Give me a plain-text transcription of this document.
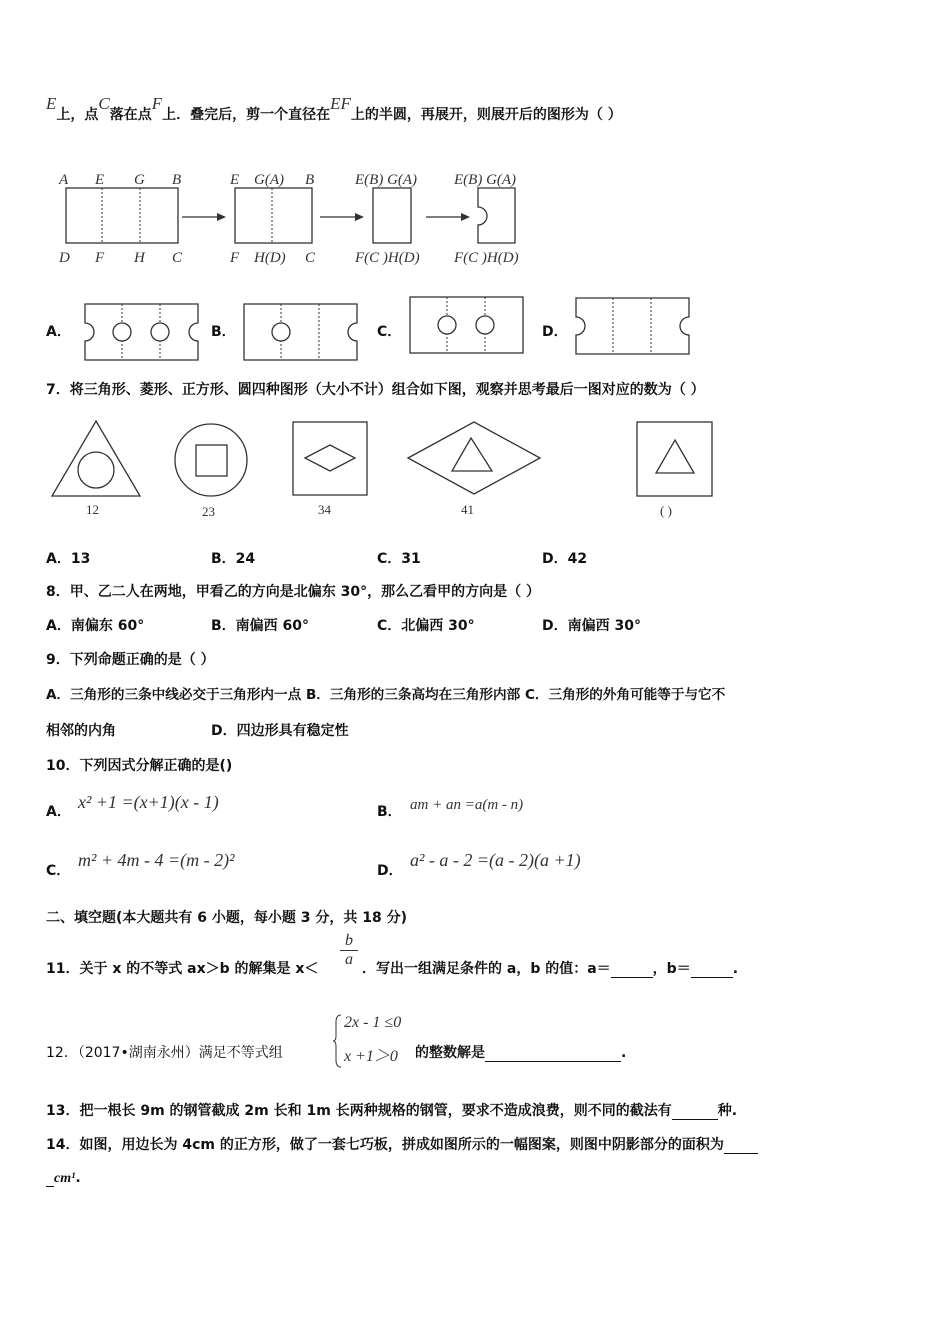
E上，点C落在点F上．叠完后，剪一个直径在EF上的半圆，再展开，则展开后的图形为（ ）
A E G B
D F H C
E G(A) B
F H(D) C
E(B) G(A)
F(C )H(D)
E(B) G(A)
F(C )H(D)
A．	B．	C．	D．
7．将三角形、菱形、正方形、圆四种图形（大小不计）组合如下图，观察并思考最后一图对应的数为（ ）
12	23	34	41	( )
A．13	B．24	C．31	D．42
8．甲、乙二人在两地，甲看乙的方向是北偏东 30°，那么乙看甲的方向是（ ）
A．南偏东 60°	B．南偏西 60°	C．北偏西 30°	D．南偏西 30°
9．下列命题正确的是（ ）
A．三角形的三条中线必交于三角形内一点 B．三角形的三条高均在三角形内部 C．三角形的外角可能等于与它不
相邻的内角	D．四边形具有稳定性
10．下列因式分解正确的是()
A． x² +1 =(x+1)(x - 1)	B． am + an =a(m - n)
C．
m² + 4m - 4 =(m - 2)²
D．
a² - a - 2 =(a - 2)(a +1)
二、填空题(本大题共有 6 小题，每小题 3 分，共 18 分)
11．关于 x 的不等式 ax＞b 的解集是 $x< \frac{b}{a}$ ．写出一组满足条件的 a，b 的值：a＝	，b＝	.
12．（2017•湖南永州）满足不等式组
2x - 1 ≤0
x +1＞0 的整数解是	.
13．把一根长 9m 的钢管截成 2m 长和 1m 长两种规格的钢管，要求不造成浪费，则不同的截法有	种.
14．如图，用边长为 4cm 的正方形，做了一套七巧板，拼成如图所示的一幅图案，则图中阴影部分的面积为
cm¹.
